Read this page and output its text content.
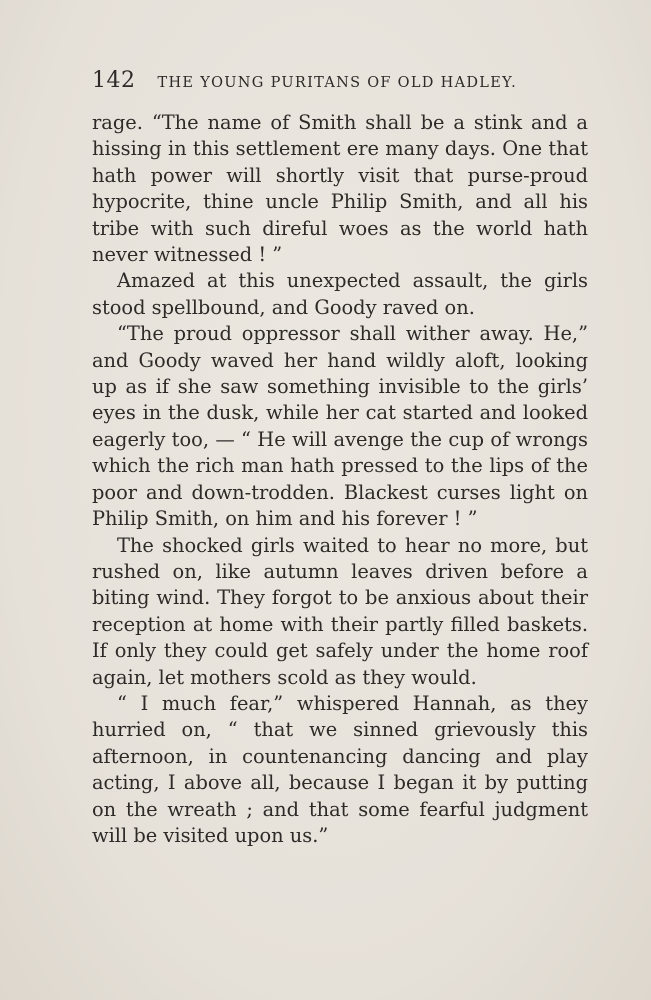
142 THE YOUNG PURITANS OF OLD HADLEY.

rage. “The name of Smith shall be a stink and a hissing in this settlement ere many days. One that hath power will shortly visit that purse-proud hypocrite, thine uncle Philip Smith, and all his tribe with such direful woes as the world hath never witnessed ! ”

Amazed at this unexpected assault, the girls stood spellbound, and Goody raved on.

“The proud oppressor shall wither away. He,” and Goody waved her hand wildly aloft, looking up as if she saw something invisible to the girls’ eyes in the dusk, while her cat started and looked eagerly too, — “ He will avenge the cup of wrongs which the rich man hath pressed to the lips of the poor and down-trodden. Blackest curses light on Philip Smith, on him and his forever ! ”

The shocked girls waited to hear no more, but rushed on, like autumn leaves driven before a biting wind. They forgot to be anxious about their reception at home with their partly filled baskets. If only they could get safely under the home roof again, let mothers scold as they would.

“ I much fear,” whispered Hannah, as they hurried on, “ that we sinned grievously this afternoon, in countenancing dancing and play acting, I above all, because I began it by putting on the wreath ; and that some fearful judgment will be visited upon us.”
